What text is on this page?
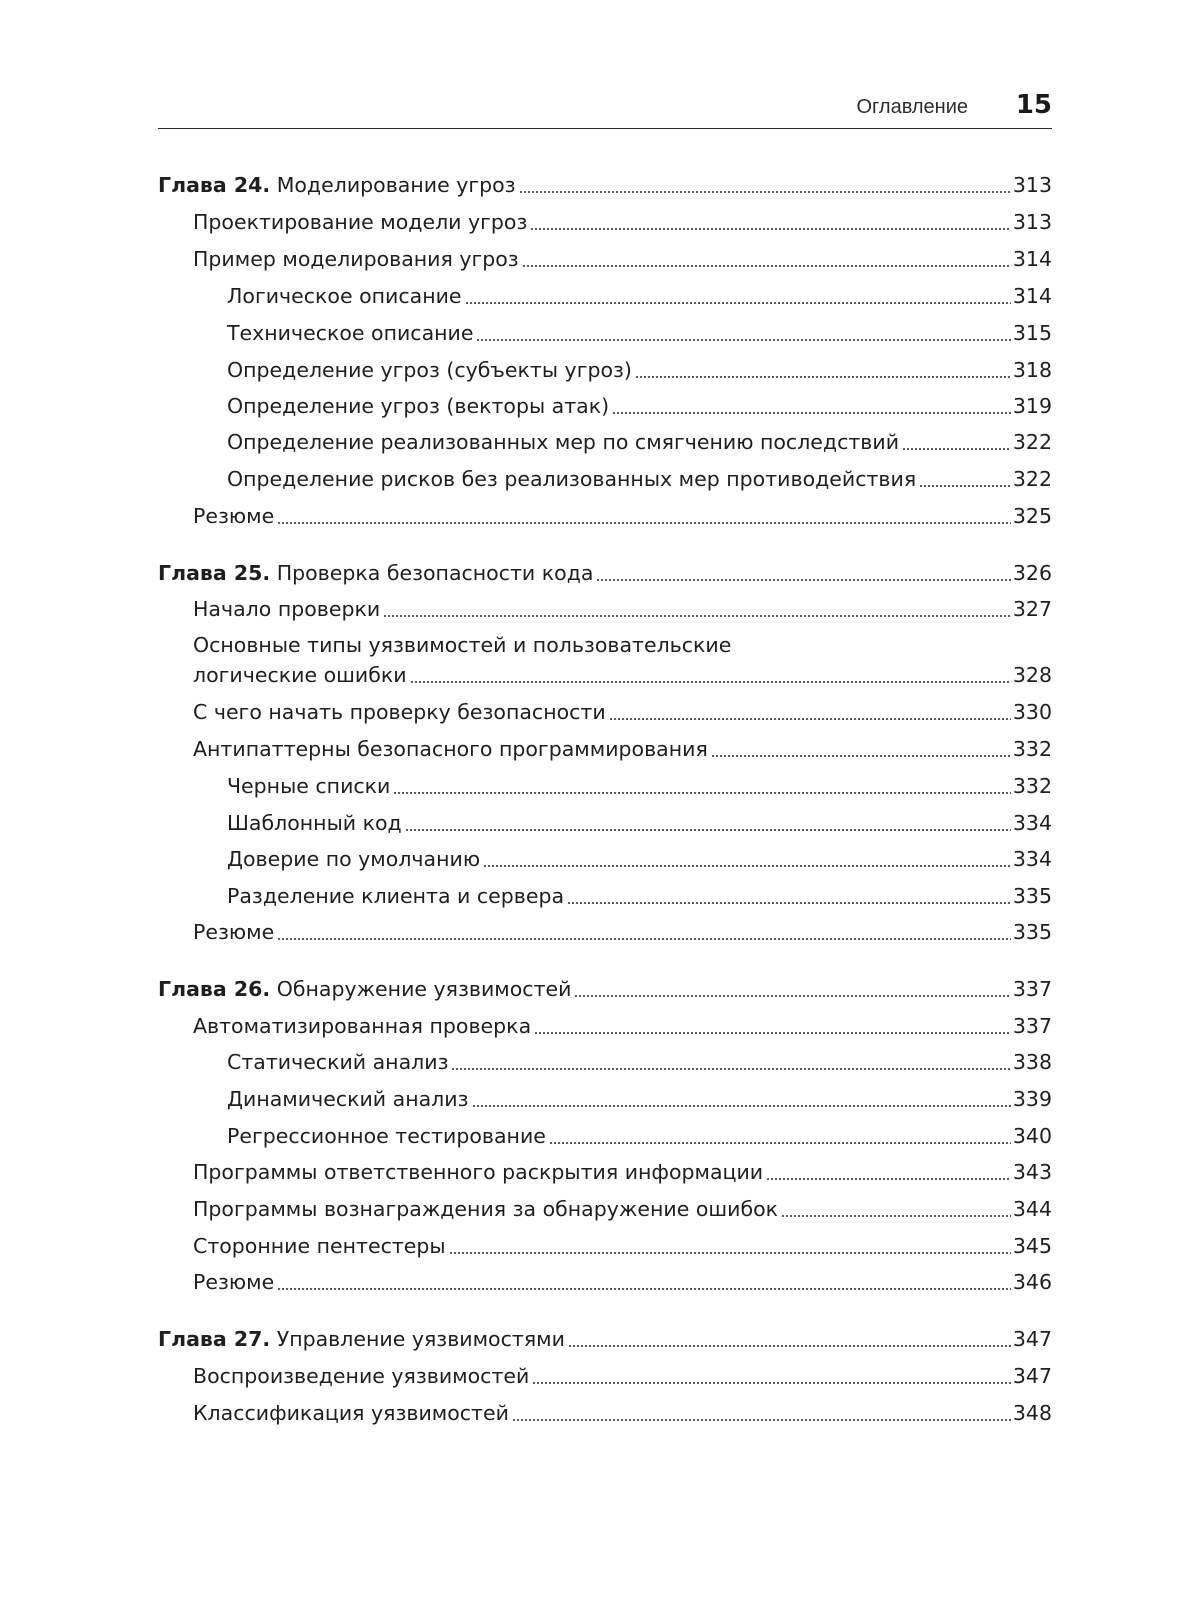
Оглавление 15
Глава 24. Моделирование угроз	313
Проектирование модели угроз	313
Пример моделирования угроз	314
Логическое описание	314
Техническое описание	315
Определение угроз (субъекты угроз)	318
Определение угроз (векторы атак)	319
Определение реализованных мер по смягчению последствий	322
Определение рисков без реализованных мер противодействия	322
Резюме	325
Глава 25. Проверка безопасности кода	326
Начало проверки	327
Основные типы уязвимостей и пользовательские
логические ошибки	328
С чего начать проверку безопасности	330
Антипаттерны безопасного программирования	332
Черные списки	332
Шаблонный код	334
Доверие по умолчанию	334
Разделение клиента и сервера	335
Резюме	335
Глава 26. Обнаружение уязвимостей	337
Автоматизированная проверка	337
Статический анализ	338
Динамический анализ	339
Регрессионное тестирование	340
Программы ответственного раскрытия информации	343
Программы вознаграждения за обнаружение ошибок	344
Сторонние пентестеры	345
Резюме	346
Глава 27. Управление уязвимостями	347
Воспроизведение уязвимостей	347
Классификация уязвимостей	348
